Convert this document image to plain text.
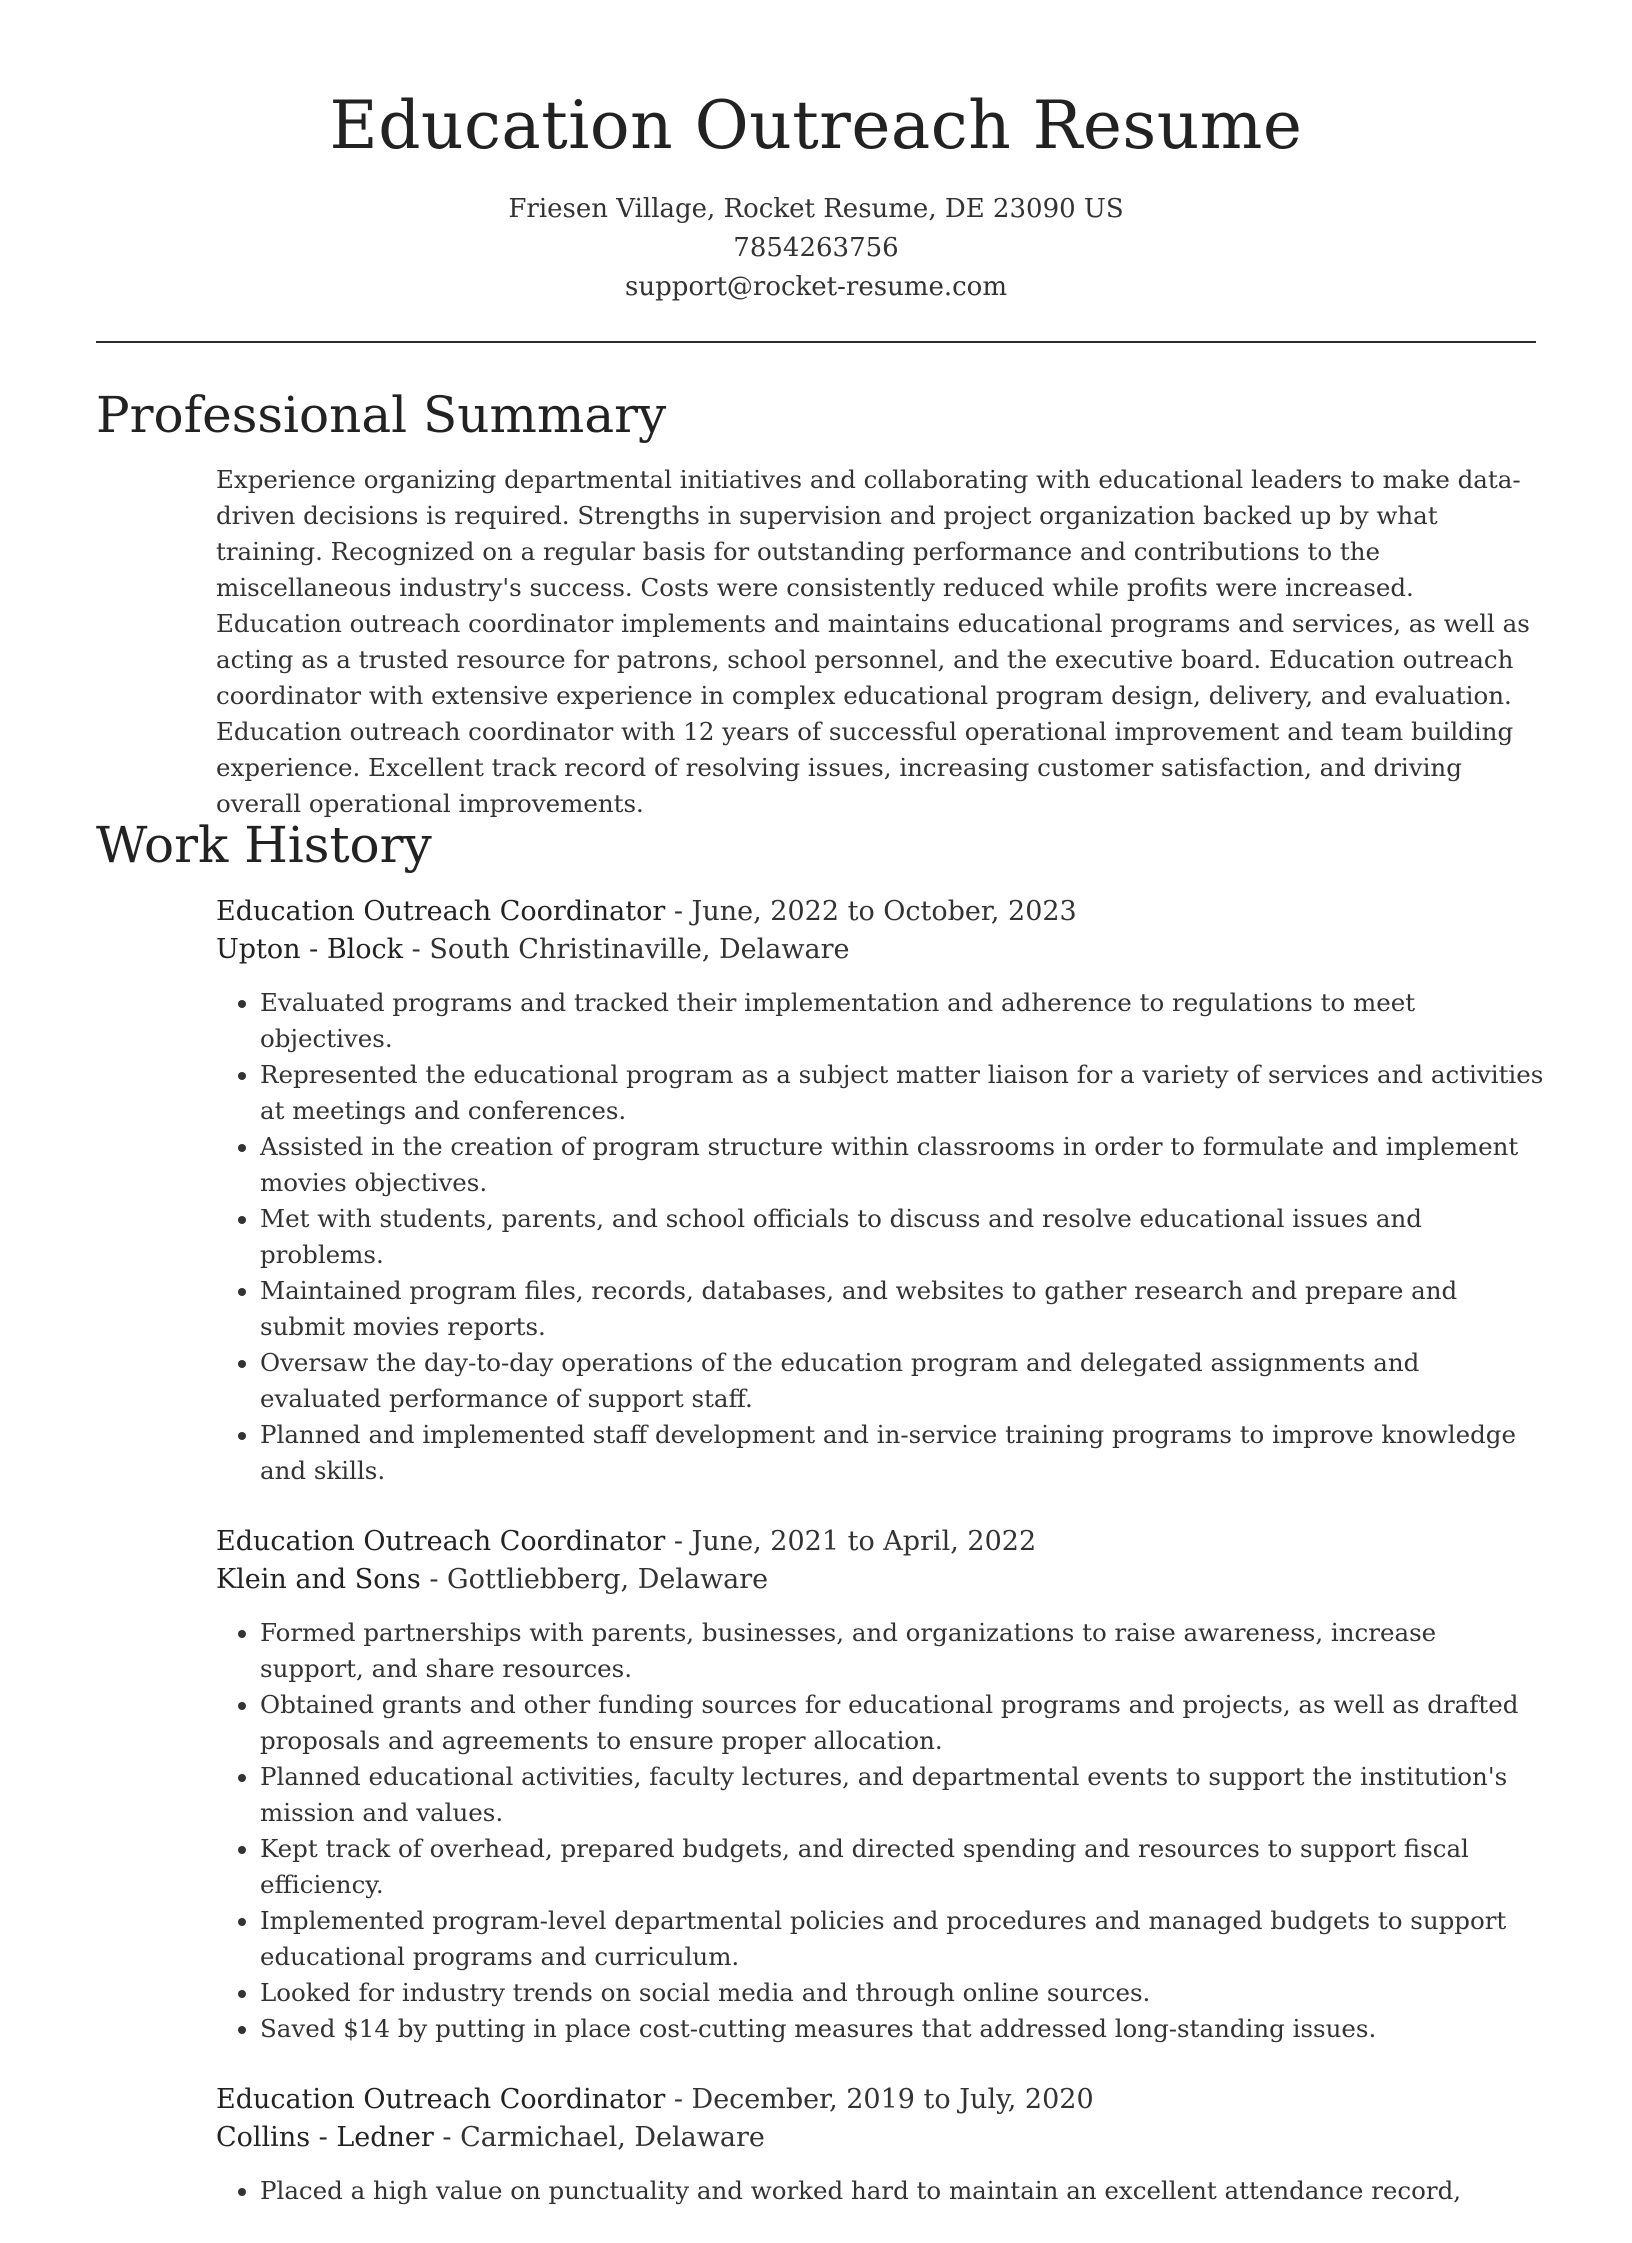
Education Outreach Resume
Friesen Village, Rocket Resume, DE 23090 US
7854263756
support@rocket-resume.com
Professional Summary

Experience organizing departmental initiatives and collaborating with educational leaders to make data-driven decisions is required. Strengths in supervision and project organization backed up by what training. Recognized on a regular basis for outstanding performance and contributions to the miscellaneous industry's success. Costs were consistently reduced while profits were increased. Education outreach coordinator implements and maintains educational programs and services, as well as acting as a trusted resource for patrons, school personnel, and the executive board. Education outreach coordinator with extensive experience in complex educational program design, delivery, and evaluation. Education outreach coordinator with 12 years of successful operational improvement and team building experience. Excellent track record of resolving issues, increasing customer satisfaction, and driving overall operational improvements.

Work History
Education Outreach Coordinator - June, 2022 to October, 2023
Upton - Block - South Christinaville, Delaware
• Evaluated programs and tracked their implementation and adherence to regulations to meet objectives.
• Represented the educational program as a subject matter liaison for a variety of services and activities at meetings and conferences.
• Assisted in the creation of program structure within classrooms in order to formulate and implement movies objectives.
• Met with students, parents, and school officials to discuss and resolve educational issues and problems.
• Maintained program files, records, databases, and websites to gather research and prepare and submit movies reports.
• Oversaw the day-to-day operations of the education program and delegated assignments and evaluated performance of support staff.
• Planned and implemented staff development and in-service training programs to improve knowledge and skills.
Education Outreach Coordinator - June, 2021 to April, 2022
Klein and Sons - Gottliebberg, Delaware
• Formed partnerships with parents, businesses, and organizations to raise awareness, increase support, and share resources.
• Obtained grants and other funding sources for educational programs and projects, as well as drafted proposals and agreements to ensure proper allocation.
• Planned educational activities, faculty lectures, and departmental events to support the institution's mission and values.
• Kept track of overhead, prepared budgets, and directed spending and resources to support fiscal efficiency.
• Implemented program-level departmental policies and procedures and managed budgets to support educational programs and curriculum.
• Looked for industry trends on social media and through online sources.
• Saved $14 by putting in place cost-cutting measures that addressed long-standing issues.
Education Outreach Coordinator - December, 2019 to July, 2020
Collins - Ledner - Carmichael, Delaware
• Placed a high value on punctuality and worked hard to maintain an excellent attendance record,
